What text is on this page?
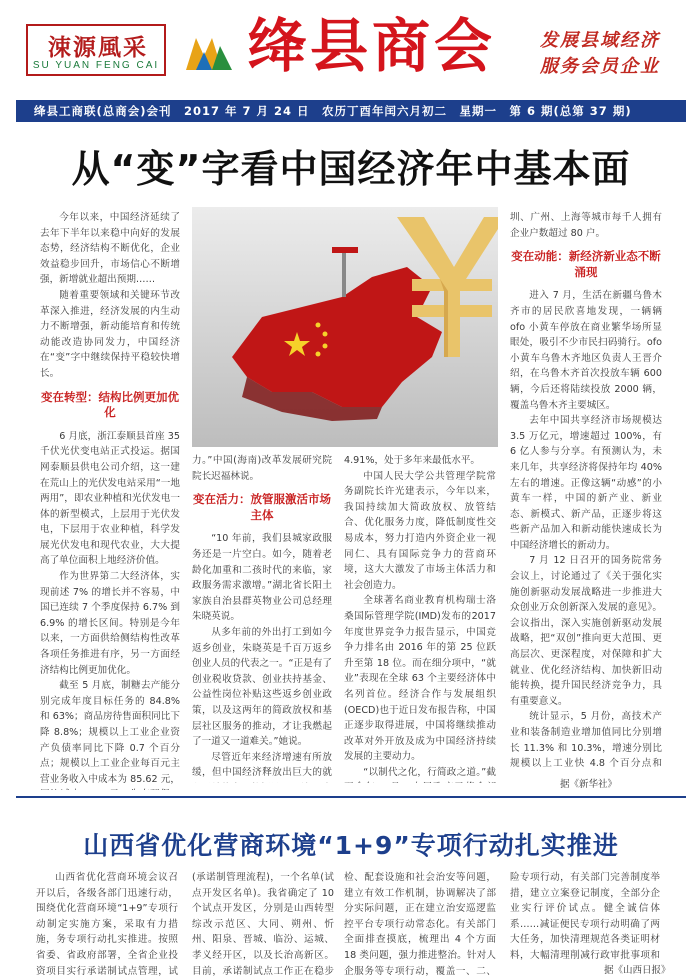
涑源風采
SU YUAN FENG CAI 绛县商会 发展县域经济
服务会员企业
绛县工商联(总商会)会刊　2017 年 7 月 24 日　农历丁酉年闰六月初二　星期一　第 6 期(总第 37 期)
从“变”字看中国经济年中基本面

今年以来，中国经济延续了去年下半年以来稳中向好的发展态势，经济结构不断优化，企业效益稳步回升，市场信心不断增强，新增就业超出预期……

随着重要领域和关键环节改革深入推进，经济发展的内生动力不断增强，新动能培育和传统动能改造协同发力，中国经济在“变”字中继续保持平稳较快增长。

变在转型：结构比例更加优化

6 月底，浙江泰顺县首座 35 千伏光伏变电站正式投运。据国网泰顺县供电公司介绍，这一建在荒山上的光伏发电站采用“一地两用”，即农业种植和光伏发电一体的新型模式，上层用于光伏发电，下层用于农业种植，科学发展光伏发电和现代农业，大大提高了单位面积上地经济价值。

作为世界第二大经济体，实现前述 7% 的增长并不容易，中国已连续 7 个季度保持 6.7% 到 6.9% 的增长区间。特别是今年以来，一方面供给侧结构性改革各项任务推进有序，另一方面经济结构比例更加优化。

截至 5 月底，制糖去产能分别完成年度目标任务的 84.8% 和 63%；商品房待售面积同比下降 8.8%；规模以上工业企业资产负债率同比下降 0.7 个百分点；规模以上工业企业每百元主营业务收入中成本为 85.62 元，

力。”中国(海南)改革发展研究院院长迟福林说。

变在活力：放管服激活市场主体

“10 年前，我们县城家政服务还是一片空白。如今，随着老龄化加重和二孩时代的来临，家政服务需求激增。”湖北省长阳土家族自治县群英物业公司总经理朱晓英说。

从多年前的外出打工到如今返乡创业，朱晓英是千百万返乡创业人员的代表之一。“正是有了创业税收贷款、创业扶持基金、公益性岗位补贴这些返乡创业政策，以及这两年的简政放权和基层社区服务的推动，才让我燃起了一道又一道难关。”她说。

尽管近年来经济增速有所放缓，但中国经济释放出巨大的就

4.91%，处于多年来最低水平。

中国人民大学公共管理学院常务副院长许光建表示，今年以来，我国持续加大简政放权、放管结合、优化服务力度，降低制度性交易成本，努力打造内外资企业一视同仁、具有国际竞争力的营商环境，这大大激发了市场主体活力和社会创造力。

全球著名商业教育机构瑞士洛桑国际管理学院(IMD)发布的2017年度世界竞争力报告显示，中国竞争力排名由 2016 年的第 25 位跃升至第 18 位。而在细分项中，“就业”表现在全球 63 个主要经济体中名列首位。经济合作与发展组织(OECD)也于近日发布报告称，中国正逐步取得进展，中国将继续推动改革对外开放及成为中国经济持续发展的主要动力。

“以制代之化，行简政之道。”截

圳、广州、上海等城市每千人拥有企业户数超过 80 户。

变在动能：新经济新业态不断涌现

进入 7 月，生活在新疆乌鲁木齐市的居民欣喜地发现，一辆辆 ofo 小黄车停放在商业繁华场所显眼处，吸引不少市民扫码骑行。ofo 小黄车乌鲁木齐地区负责人王晋介绍，在乌鲁木齐首次投放车辆 600 辆，今后还将陆续投放 2000 辆，覆盖乌鲁木齐主要城区。

去年中国共享经济市场规模达 3.5 万亿元，增速超过 100%，有 6 亿人参与分享。有预测认为，未来几年，共享经济将保持年均 40% 左右的增速。正像这辆“动感”的小黄车一样，中国的新产业、新业态、新模式、新产品，正逐步将这些新产品加入和新动能快速成长为中国经济增长的新动力。

7 月 12 日召开的国务院常务会议上，讨论通过了《关于强化实施创新驱动发展战略进一步推进大众创业万众创新深入发展的意见》。会议指出，深入实施创新驱动发展战略，把“双创”推向更大范围、更高层次、更深程度，对保障和扩大就业、优化经济结构、加快新旧动能转换，提升国民经济竞争力，具有重要意义。

统计显示，5 月份，高技术产业和装备制造业增加值同比分别增长 11.3% 和 10.3%，增速分别比规模以上工业快 4.8 个百分点和

据《新华社》
山西省优化营商环境“1+9”专项行动扎实推进

山西省优化营商环境会议召开以后，各级各部门迅速行动，围绕优化营商环境“1+9”专项行动制定实施方案，采取有力措施，务专项行动扎实推进。按照省委、省政府部署，全省企业投资项目实行承诺制试点管理，试

(承诺制管理流程)，一个名单(试点开发区名单)。我省确定了 10 个试点开发区，分别是山西转型综改示范区、大同、朔州、忻州、阳泉、晋城、临汾、运城、孝义经开区，以及长治高新区。目前，承诺制试点工作正在稳步

检、配套设施和社会治安等问题，建立有效工作机制，协调解决了部分实际问题，正在建立治安巡逻监控平台专项行动常态化。有关部门全面排查摸底，梳理出 4 个方面 18 类问题，强力推进整治。针对人企服务等专项行动，覆盖一、二、

险专项行动，有关部门完善制度举措，建立立案登记制度，全部分企业实行评价试点。健全诚信体系……减证便民专项行动明确了两大任务，加快清理规范各类证明材料，大幅清理削减行政审批事项和

据《山西日报》
